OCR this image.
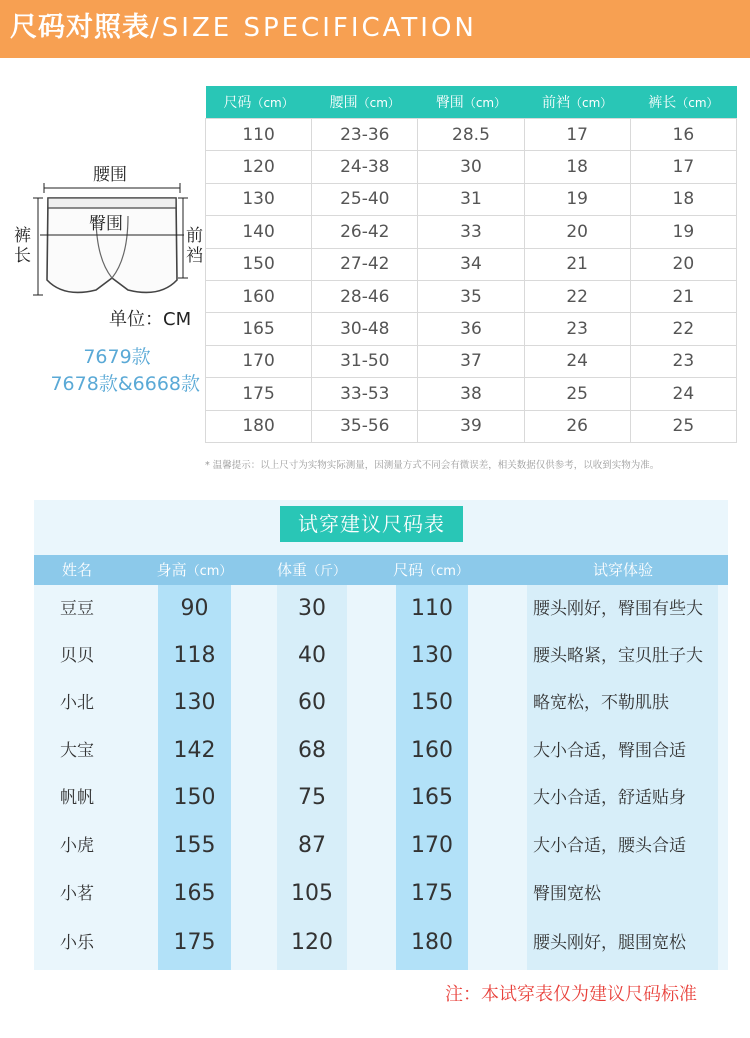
尺码对照表/SIZE SPECIFICATION
腰围
臀围
裤
长
前
裆
单位：CM
7679款
7678款&6668款
尺码（cm）	腰围（cm）	臀围（cm）	前裆（cm）	裤长（cm）
110	23-36	28.5	17	16
120	24-38	30	18	17
130	25-40	31	19	18
140	26-42	33	20	19
150	27-42	34	21	20
160	28-46	35	22	21
165	30-48	36	23	22
170	31-50	37	24	23
175	33-53	38	25	24
180	35-56	39	26	25
* 温馨提示：以上尺寸为实物实际测量，因测量方式不同会有微误差，相关数据仅供参考，以收到实物为准。
试穿建议尺码表
姓名	身高（cm）	体重（斤）	尺码（cm）	试穿体验
豆豆	90	30	110	腰头刚好，臀围有些大
贝贝	118	40	130	腰头略紧，宝贝肚子大
小北	130	60	150	略宽松，不勒肌肤
大宝	142	68	160	大小合适，臀围合适
帆帆	150	75	165	大小合适，舒适贴身
小虎	155	87	170	大小合适，腰头合适
小茗	165	105	175	臀围宽松
小乐	175	120	180	腰头刚好，腿围宽松
注：本试穿表仅为建议尺码标准
